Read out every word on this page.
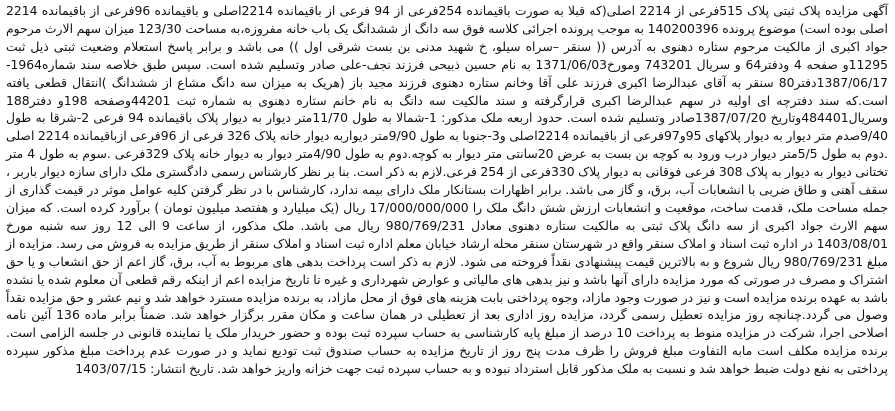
آگهی مزایده پلاک ثبتی پلاک 515فرعی از 2214 اصلی(که قبلا به صورت باقیمانده 254فرعی از 94 فرعی از باقیمانده 2214اصلی و باقیمانده 96فرعی از باقیمانده 2214 اصلی بوده است) موضوع پرونده 140200396 به موجب پرونده اجرائی کلاسه فوق سه دانگ از ششدانگ یک باب خانه مفروزه،به مساحت 123/30 میزان سهم الارث مرحوم جواد اکبری از مالکیت مرحوم ستاره دهنوی به آدرس (( سنقر –سراه سیلو، خ شهید مدنی بن بست شرقی اول )) می باشد و برابر پاسخ استعلام وضعیت ثبتی ذیل ثبت 11295و صفحه 4 ودفتر64 و سریال 743201 ومورخ1371/06/03 به نام حسین ذبیحی فرزند نجف-علی صادر وتسلیم شده است. سپس طبق خلاصه سند شماره1964-1387/06/17دفتر80 سنقر به آقای عبدالرضا اکبری فرزند علی آقا وخانم ستاره دهنوی فرزند مجید باز (هریک به میزان سه دانگ مشاع از ششدانگ )انتقال قطعی یافته است.که سند دفترچه ای اولیه در سهم عبدالرضا اکبری قرارگرفته و سند مالکیت سه دانگ به نام خانم ستاره دهنوی به شماره ثبت 44201وصفحه 198و دفتر188 وسریال484401وتاریخ 1387/07/20صادر وتسلیم شده است. حدود اربعه ملک مذکور: 1-شمالا به طول 11/70متر دیوار به دیوار پلاک باقیمانده 94 فرعی 2-شرقا به طول 9/40صدم متر دیوار به دیوار پلاکهای 95و97فرعی از باقیمانده 2214اصلی و3-جنوبا به طول 9/90متر دیواربه دیوار خانه پلاک 326 فرعی از 96فرعی ازباقیمانده 2214 اصلی .دوم به طول 5/5متر دیوار درب ورود به کوچه بن بست به عرض 20سانتی متر دیوار به کوچه.دوم به طول 4/90متر دیوار به دیوار خانه پلاک 329فرعی .سوم به طول 4 متر تختانی دیوار به دیوار به پلاک 308 فرعی فوقانی به دیوار پلاک 330فرعی از 254 فرعی.لازم به ذکر است. بنا بر نظر کارشناس رسمی دادگستری ملک دارای سازه دیوار باربر ، سقف آهنی و طاق ضربی با انشعابات آب، برق، و گاز می باشد. برابر اظهارات بستانکار ملک دارای بیمه ندارد، کارشناس با در نظر گرفتن کلیه عوامل موثر در قیمت گذاری از جمله مساحت ملک، قدمت ساخت، موقعیت و انشعابات ارزش شش دانگ ملک را 17/000/000/000 ریال (یک میلیارد و هفتصد میلیون تومان ) برآورد کرده است. که میزان سهم الارث جواد اکبری از سه دانگ پلاک ثبتی به مالکیت ستاره دهنوی معادل 980/769/231 ریال می باشد. ملک مذکور، از ساعت 9 الی 12 روز سه شنبه مورخ 1403/08/01 در اداره ثبت اسناد و املاک سنقر واقع در شهرستان سنقر محله ارشاد خیابان معلم اداره ثبت اسناد و املاک سنقر از طریق مزایده به فروش می رسد. مزایده از مبلغ 980/769/231 ریال شروع و به بالاترین قیمت پیشنهادی نقداً فروخته می شود. لازم به ذکر است پرداخت بدهی های مربوط به آب، برق، گاز اعم از حق انشعاب و یا حق اشتراک و مصرف در صورتی که مورد مزایده دارای آنها باشد و نیز بدهی های مالیاتی و عوارض شهرداری و غیره تا تاریخ مزایده اعم از اینکه رقم قطعی آن معلوم شده یا نشده باشد به عهده برنده مزایده است و نیز در صورت وجود مازاد، وجوه پرداختی بابت هزینه های فوق از محل مازاد، به برنده مزایده مسترد خواهد شد و نیم عشر و حق مزایده نقداً وصول می گردد.چنانچه روز مزایده تعطیل رسمی گردد، مزایده روز اداری بعد از تعطیلی در همان ساعت و مکان مقرر برگزار خواهد شد. ضمناً برابر ماده 136 آئین نامه اصلاحی اجرا، شرکت در مزایده منوط به پرداخت 10 درصد از مبلغ پایه کارشناسی به حساب سپرده ثبت بوده و حضور خریدار ملک یا نماینده قانونی در جلسه الزامی است. برنده مزایده مکلف است مابه التفاوت مبلغ فروش را ظرف مدت پنج روز از تاریخ مزایده به حساب صندوق ثبت تودیع نماید و در صورت عدم پرداخت مبلغ مذکور سپرده پرداختی به نفع دولت ضبط خواهد شد و نسبت به ملک مذکور قابل استرداد نبوده و به حساب سپرده ثبت جهت خزانه واریز خواهد شد. تاریخ انتشار: 1403/07/15
